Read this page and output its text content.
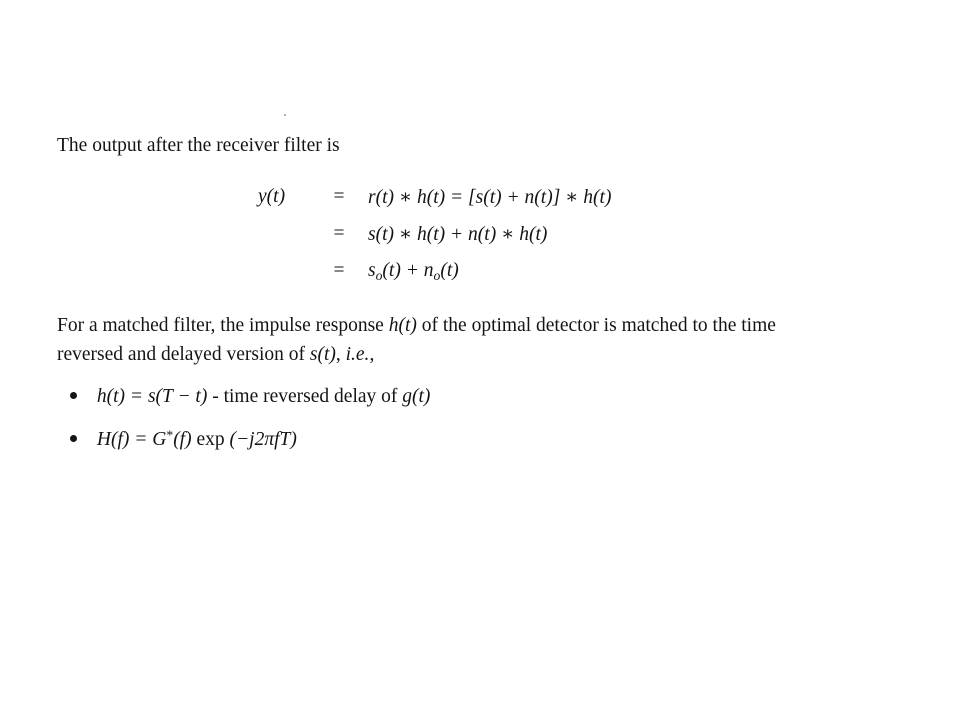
The output after the receiver filter is

y(t)	=	r(t) ∗ h(t) = [s(t) + n(t)] ∗ h(t)
	=	s(t) ∗ h(t) + n(t) ∗ h(t)
	=	$s_o(t) + n_o(t)$

For a matched filter, the impulse response h(t) of the optimal detector is matched to the time
reversed and delayed version of s(t), i.e.,

h(t) = s(T − t) - time reversed delay of g(t)
H(f) = G*(f) exp (−j2πfT)
